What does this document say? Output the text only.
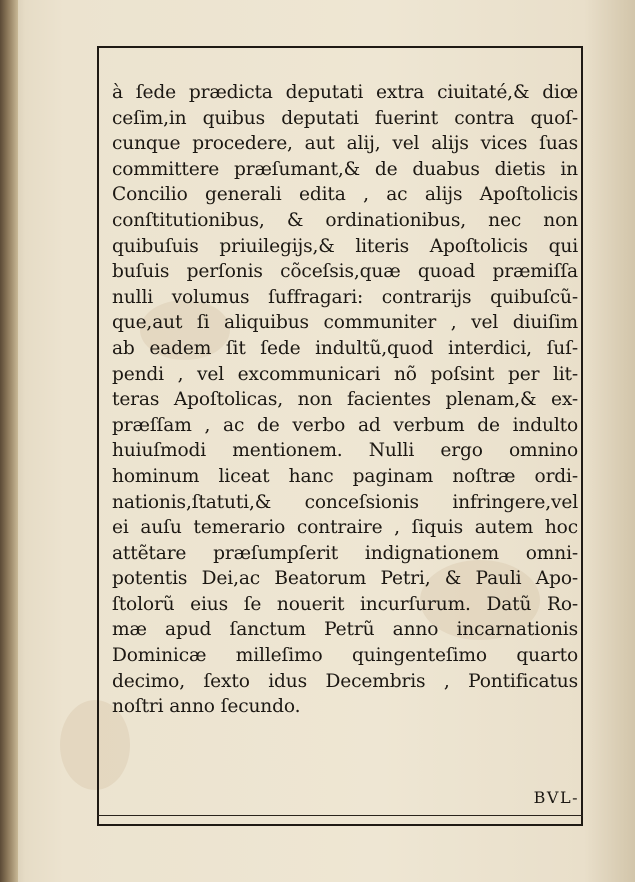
à ſede prædicta deputati extra ciuitaté,& diœ
ceſim,in quibus deputati fuerint contra quoſ-
cunque procedere, aut alij, vel alijs vices ſuas
committere præſumant,& de duabus dietis in
Concilio generali edita , ac alijs Apoſtolicis
conſtitutionibus, & ordinationibus, nec non
quibuſuis priuilegijs,& literis Apoſtolicis qui
buſuis perſonis cõceſsis,quæ quoad præmiſſa
nulli volumus ſuffragari: contrarijs quibuſcũ-
que,aut ſi aliquibus communiter , vel diuiſim
ab eadem ſit ſede indultũ,quod interdici, ſuſ-
pendi , vel excommunicari nõ poſsint per lit-
teras Apoſtolicas, non facientes plenam,& ex-
præſſam , ac de verbo ad verbum de indulto
huiuſmodi mentionem. Nulli ergo omnino
hominum liceat hanc paginam noſtræ ordi-
nationis,ſtatuti,& conceſsionis infringere,vel
ei auſu temerario contraire , ſiquis autem hoc
attẽtare præſumpſerit indignationem omni-
potentis Dei,ac Beatorum Petri, & Pauli Apo-
ſtolorũ eius ſe nouerit incurſurum. Datũ Ro-
mæ apud ſanctum Petrũ anno incarnationis
Dominicæ milleſimo quingenteſimo quarto
decimo, ſexto idus Decembris , Pontificatus
noſtri anno ſecundo.
BVL-
